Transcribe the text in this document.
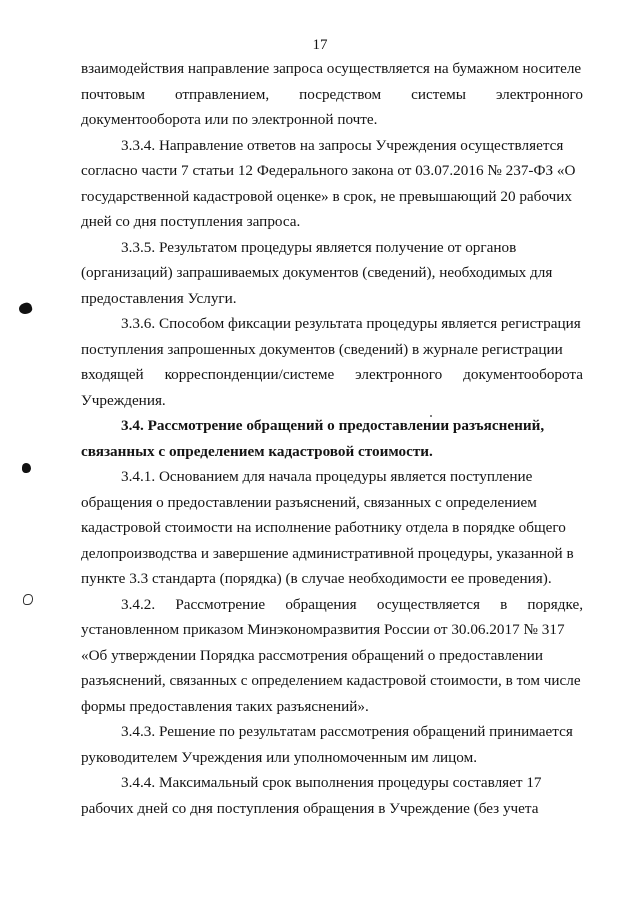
17
взаимодействия направление запроса осуществляется на бумажном носителе
почтовым отправлением, посредством системы электронного
документооборота или по электронной почте.
3.3.4. Направление ответов на запросы Учреждения осуществляется
согласно части 7 статьи 12 Федерального закона от 03.07.2016 № 237-ФЗ «О
государственной кадастровой оценке» в срок, не превышающий 20 рабочих
дней со дня поступления запроса.
3.3.5. Результатом процедуры является получение от органов
(организаций) запрашиваемых документов (сведений), необходимых для
предоставления Услуги.
3.3.6. Способом фиксации результата процедуры является регистрация
поступления запрошенных документов (сведений) в журнале регистрации
входящей корреспонденции/системе электронного документооборота
Учреждения.
3.4. Рассмотрение обращений о предоставлении разъяснений,
связанных с определением кадастровой стоимости.
3.4.1. Основанием для начала процедуры является поступление
обращения о предоставлении разъяснений, связанных с определением
кадастровой стоимости на исполнение работнику отдела в порядке общего
делопроизводства и завершение административной процедуры, указанной в
пункте 3.3 стандарта (порядка) (в случае необходимости ее проведения).
3.4.2. Рассмотрение обращения осуществляется в порядке,
установленном приказом Минэкономразвития России от 30.06.2017 № 317
«Об утверждении Порядка рассмотрения обращений о предоставлении
разъяснений, связанных с определением кадастровой стоимости, в том числе
формы предоставления таких разъяснений».
3.4.3. Решение по результатам рассмотрения обращений принимается
руководителем Учреждения или уполномоченным им лицом.
3.4.4. Максимальный срок выполнения процедуры составляет 17
рабочих дней со дня поступления обращения в Учреждение (без учета
